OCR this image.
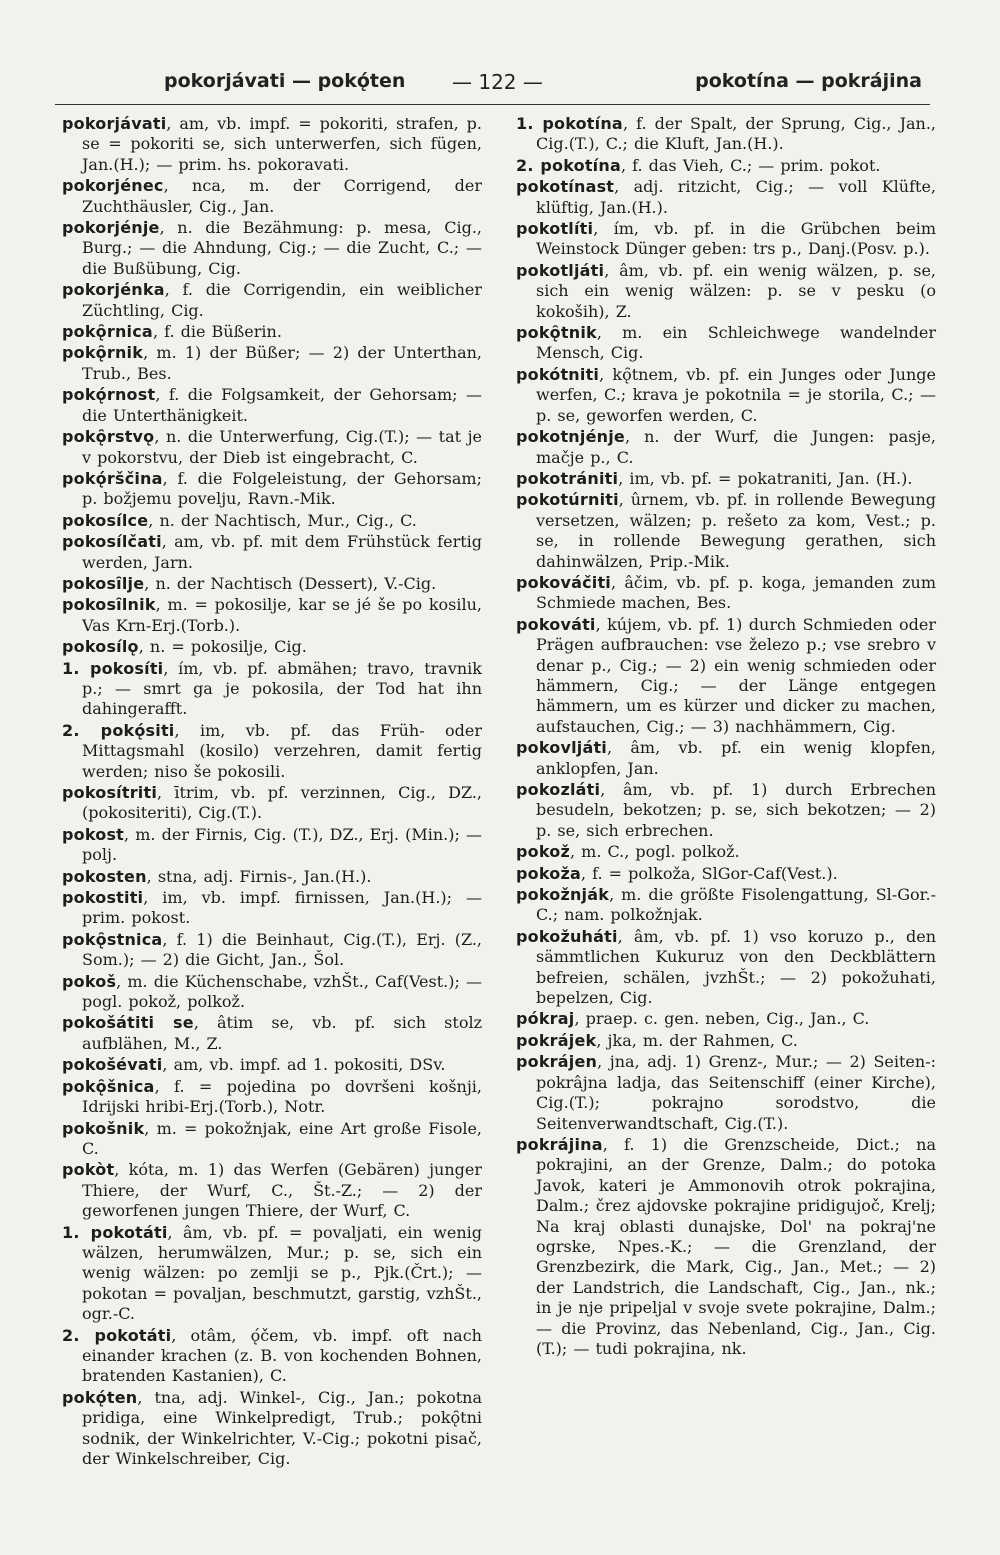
pokorjávati — pokǫ́ten — 122 —	pokotína — pokrájina

pokorjávati, am, vb. impf. = pokoriti, strafen, p. se = pokoriti se, sich unterwerfen, sich fügen, Jan.(H.); — prim. hs. pokoravati.

pokorjénec, nca, m. der Corrigend, der Zuchthäusler, Cig., Jan.

pokorjénje, n. die Bezähmung: p. mesa, Cig., Burg.; — die Ahndung, Cig.; — die Zucht, C.; — die Bußübung, Cig.

pokorjénka, f. die Corrigendin, ein weiblicher Züchtling, Cig.

pokǫ̑rnica, f. die Büßerin.

pokǫ̑rnik, m. 1) der Büßer; — 2) der Unterthan, Trub., Bes.

pokǫ́rnost, f. die Folgsamkeit, der Gehorsam; — die Unterthänigkeit.

pokǫ̑rstvǫ, n. die Unterwerfung, Cig.(T.); — tat je v pokorstvu, der Dieb ist eingebracht, C.

pokǫ́rščina, f. die Folgeleistung, der Gehorsam; p. božjemu povelju, Ravn.-Mik.

pokosílce, n. der Nachtisch, Mur., Cig., C.

pokosílčati, am, vb. pf. mit dem Frühstück fertig werden, Jarn.

pokosȋlje, n. der Nachtisch (Dessert), V.-Cig.

pokosȋlnik, m. = pokosilje, kar se jé še po kosilu, Vas Krn-Erj.(Torb.).

pokosílǫ, n. = pokosilje, Cig.

1. pokosíti, ím, vb. pf. abmähen; travo, travnik p.; — smrt ga je pokosila, der Tod hat ihn dahingerafft.

2. pokǫ́siti, im, vb. pf. das Früh- oder Mittagsmahl (kosilo) verzehren, damit fertig werden; niso še pokosili.

pokosítriti, ītrim, vb. pf. verzinnen, Cig., DZ., (pokositeriti), Cig.(T.).

pokost, m. der Firnis, Cig. (T.), DZ., Erj. (Min.); — polj.

pokosten, stna, adj. Firnis-, Jan.(H.).

pokostiti, im, vb. impf. firnissen, Jan.(H.); — prim. pokost.

pokǫ̑stnica, f. 1) die Beinhaut, Cig.(T.), Erj. (Z., Som.); — 2) die Gicht, Jan., Šol.

pokoš, m. die Küchenschabe, vzhŠt., Caf(Vest.); — pogl. pokož, polkož.

pokošátiti se, âtim se, vb. pf. sich stolz aufblähen, M., Z.

pokošévati, am, vb. impf. ad 1. pokositi, DSv.

pokǫ̑šnica, f. = pojedina po dovršeni košnji, Idrijski hribi-Erj.(Torb.), Notr.

pokošnik, m. = pokožnjak, eine Art große Fisole, C.

pokòt, kóta, m. 1) das Werfen (Gebären) junger Thiere, der Wurf, C., Št.-Z.; — 2) der geworfenen jungen Thiere, der Wurf, C.

1. pokotáti, âm, vb. pf. = povaljati, ein wenig wälzen, herumwälzen, Mur.; p. se, sich ein wenig wälzen: po zemlji se p., Pjk.(Črt.); — pokotan = povaljan, beschmutzt, garstig, vzhŠt., ogr.-C.

2. pokotáti, otâm, ǫ́čem, vb. impf. oft nach einander krachen (z. B. von kochenden Bohnen, bratenden Kastanien), C.

pokǫ́ten, tna, adj. Winkel-, Cig., Jan.; pokotna pridiga, eine Winkelpredigt, Trub.; pokǫ̑tni sodnik, der Winkelrichter, V.-Cig.; pokotni pisač, der Winkelschreiber, Cig.

1. pokotína, f. der Spalt, der Sprung, Cig., Jan., Cig.(T.), C.; die Kluft, Jan.(H.).

2. pokotína, f. das Vieh, C.; — prim. pokot.

pokotínast, adj. ritzicht, Cig.; — voll Klüfte, klüftig, Jan.(H.).

pokotlíti, ím, vb. pf. in die Grübchen beim Weinstock Dünger geben: trs p., Danj.(Posv. p.).

pokotljáti, âm, vb. pf. ein wenig wälzen, p. se, sich ein wenig wälzen: p. se v pesku (o kokoših), Z.

pokǫ̑tnik, m. ein Schleichwege wandelnder Mensch, Cig.

pokótniti, kǫ̑tnem, vb. pf. ein Junges oder Junge werfen, C.; krava je pokotnila = je storila, C.; — p. se, geworfen werden, C.

pokotnjénje, n. der Wurf, die Jungen: pasje, mačje p., C.

pokotrániti, im, vb. pf. = pokatraniti, Jan. (H.).

pokotúrniti, ûrnem, vb. pf. in rollende Bewegung versetzen, wälzen; p. rešeto za kom, Vest.; p. se, in rollende Bewegung gerathen, sich dahinwälzen, Prip.-Mik.

pokováčiti, âčim, vb. pf. p. koga, jemanden zum Schmiede machen, Bes.

pokováti, kújem, vb. pf. 1) durch Schmieden oder Prägen aufbrauchen: vse železo p.; vse srebro v denar p., Cig.; — 2) ein wenig schmieden oder hämmern, Cig.; — der Länge entgegen hämmern, um es kürzer und dicker zu machen, aufstauchen, Cig.; — 3) nachhämmern, Cig.

pokovljáti, âm, vb. pf. ein wenig klopfen, anklopfen, Jan.

pokozláti, âm, vb. pf. 1) durch Erbrechen besudeln, bekotzen; p. se, sich bekotzen; — 2) p. se, sich erbrechen.

pokož, m. C., pogl. polkož.

pokoža, f. = polkoža, SlGor-Caf(Vest.).

pokožnják, m. die größte Fisolengattung, Sl-Gor.-C.; nam. polkožnjak.

pokožuháti, âm, vb. pf. 1) vso koruzo p., den sämmtlichen Kukuruz von den Deckblättern befreien, schälen, jvzhŠt.; — 2) pokožuhati, bepelzen, Cig.

pókraj, praep. c. gen. neben, Cig., Jan., C.

pokrájek, jka, m. der Rahmen, C.

pokrájen, jna, adj. 1) Grenz-, Mur.; — 2) Seiten-: pokrâjna ladja, das Seitenschiff (einer Kirche), Cig.(T.); pokrajno sorodstvo, die Seitenverwandtschaft, Cig.(T.).

pokrájina, f. 1) die Grenzscheide, Dict.; na pokrajini, an der Grenze, Dalm.; do potoka Javok, kateri je Ammonovih otrok pokrajina, Dalm.; črez ajdovske pokrajine pridigujoč, Krelj; Na kraj oblasti dunajske, Dol' na pokraj'ne ogrske, Npes.-K.; — die Grenzland, der Grenzbezirk, die Mark, Cig., Jan., Met.; — 2) der Landstrich, die Landschaft, Cig., Jan., nk.; in je nje pripeljal v svoje svete pokrajine, Dalm.; — die Provinz, das Nebenland, Cig., Jan., Cig.(T.); — tudi pokrajina, nk.
